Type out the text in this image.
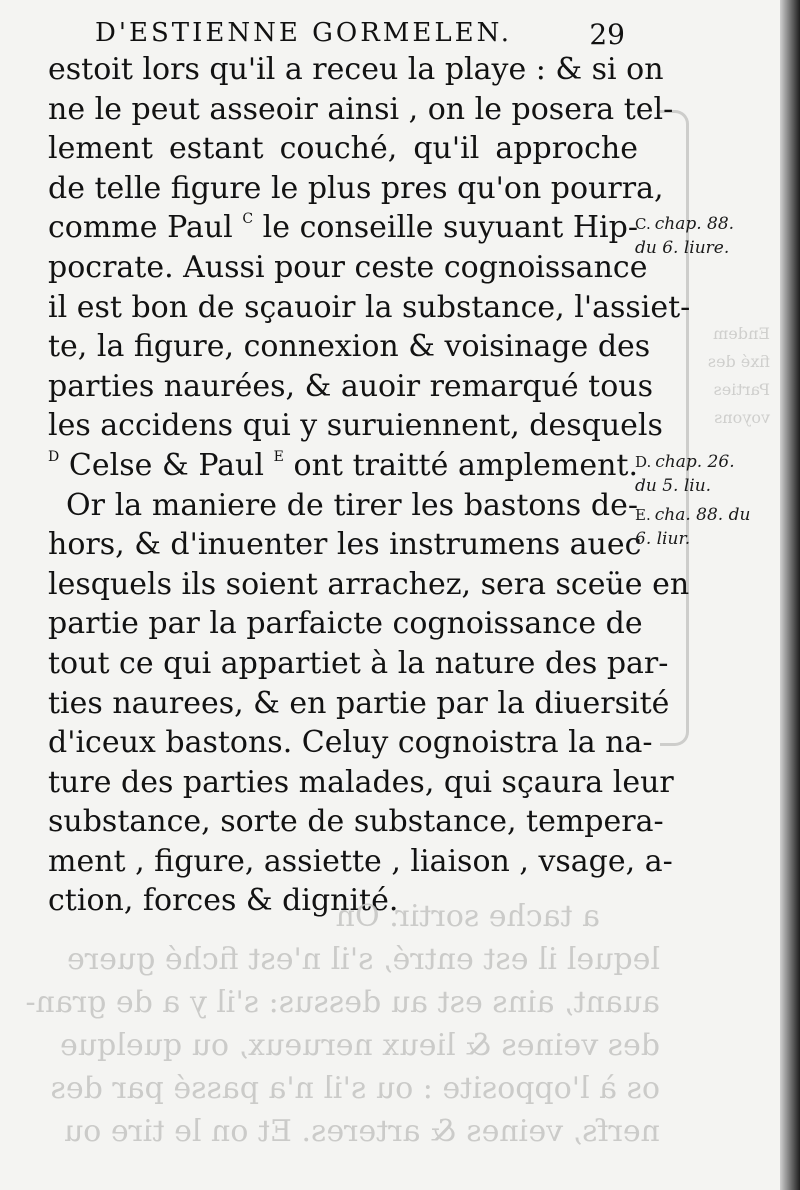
Endem
fixé des
Parties
voyons
D'ESTIENNE GORMELEN.	29
estoit lors qu'il a receu la playe : & si on
ne le peut asseoir ainsi , on le posera tel-
lement estant couché, qu'il approche
de telle figure le plus pres qu'on pourra,
comme Paul $^C$ le conseille suyuant Hip-
pocrate. Aussi pour ceste cognoissance
il est bon de sçauoir la substance, l'assiet-
te, la figure, connexion & voisinage des
parties naurées, & auoir remarqué tous
les accidens qui y suruiennent, desquels
$^D$ Celse & Paul $^E$ ont traitté amplement.
Or la maniere de tirer les bastons de-
hors, & d'inuenter les instrumens auec
lesquels ils soient arrachez, sera sceüe en
partie par la parfaicte cognoissance de
tout ce qui appartiet à la nature des par-
ties naurees, & en partie par la diuersité
d'iceux bastons. Celuy cognoistra la na-
ture des parties malades, qui sçaura leur
substance, sorte de substance, tempera-
ment , figure, assiette , liaison , vsage, a-
ction, forces & dignité.
C. chap. 88.
du 6. liure.
D. chap. 26.
du 5. liu.
E. cha. 88. du
6. liur.
a tache sortir. On
lequel il est entré, s'il n'est fiché guere
auant, ains est au dessus: s'il y a de gran-
des veines & lieux nerueux, ou quelque
os à l'opposite : ou s'il n'a passé par des
nerfs, veines & arteres. Et on le tire ou
